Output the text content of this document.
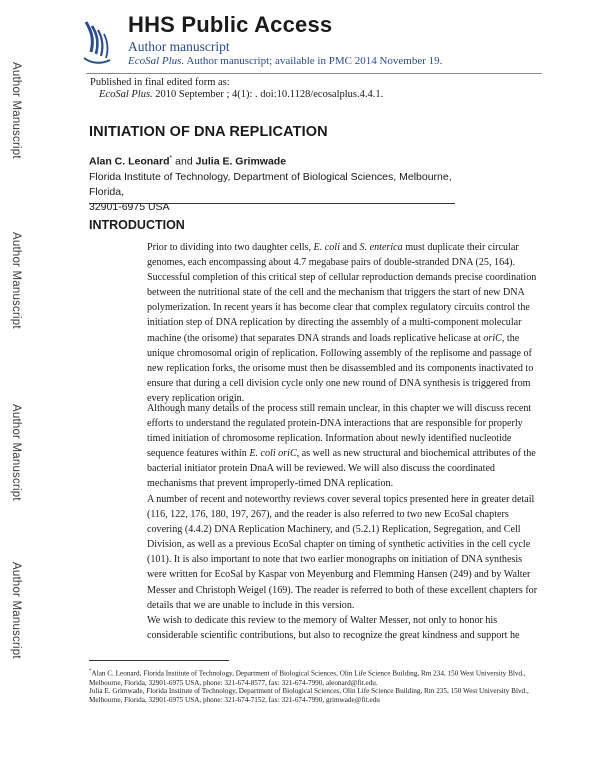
Author Manuscript
Author Manuscript
Author Manuscript
Author Manuscript
HHS Public Access
Author manuscript
EcoSal Plus. Author manuscript; available in PMC 2014 November 19.
Published in final edited form as:
EcoSal Plus. 2010 September ; 4(1): . doi:10.1128/ecosalplus.4.4.1.
INITIATION OF DNA REPLICATION
Alan C. Leonard* and Julia E. Grimwade
Florida Institute of Technology, Department of Biological Sciences, Melbourne, Florida,
32901-6975 USA
INTRODUCTION
Prior to dividing into two daughter cells, E. coli and S. enterica must duplicate their circular genomes, each encompassing about 4.7 megabase pairs of double-stranded DNA (25, 164). Successful completion of this critical step of cellular reproduction demands precise coordination between the nutritional state of the cell and the mechanism that triggers the start of new DNA polymerization. In recent years it has become clear that complex regulatory circuits control the initiation step of DNA replication by directing the assembly of a multi-component molecular machine (the orisome) that separates DNA strands and loads replicative helicase at oriC, the unique chromosomal origin of replication. Following assembly of the replisome and passage of new replication forks, the orisome must then be disassembled and its components inactivated to ensure that during a cell division cycle only one new round of DNA synthesis is triggered from every replication origin.
Although many details of the process still remain unclear, in this chapter we will discuss recent efforts to understand the regulated protein-DNA interactions that are responsible for properly timed initiation of chromosome replication. Information about newly identified nucleotide sequence features within E. coli oriC, as well as new structural and biochemical attributes of the bacterial initiator protein DnaA will be reviewed. We will also discuss the coordinated mechanisms that prevent improperly-timed DNA replication.
A number of recent and noteworthy reviews cover several topics presented here in greater detail (116, 122, 176, 180, 197, 267), and the reader is also referred to two new EcoSal chapters covering (4.4.2) DNA Replication Machinery, and (5.2.1) Replication, Segregation, and Cell Division, as well as a previous EcoSal chapter on timing of synthetic activities in the cell cycle (101). It is also important to note that two earlier monographs on initiation of DNA synthesis were written for EcoSal by Kaspar von Meyenburg and Flemming Hansen (249) and by Walter Messer and Christoph Weigel (169). The reader is referred to both of these excellent chapters for details that we are unable to include in this version.
We wish to dedicate this review to the memory of Walter Messer, not only to honor his considerable scientific contributions, but also to recognize the great kindness and support he
*Alan C. Leonard, Florida Institute of Technology, Department of Biological Sciences, Olin Life Science Building, Rm 234, 150 West University Blvd., Melbourne, Florida, 32901-6975 USA, phone: 321-674-8577, fax: 321-674-7990, aleonard@fit.edu.
Julia E. Grimwade, Florida Institute of Technology, Department of Biological Sciences, Olin Life Science Building, Rm 235, 150 West University Blvd., Melbourne, Florida, 32901-6975 USA, phone: 321-674-7152, fax: 321-674-7990, grimwade@fit.edu
